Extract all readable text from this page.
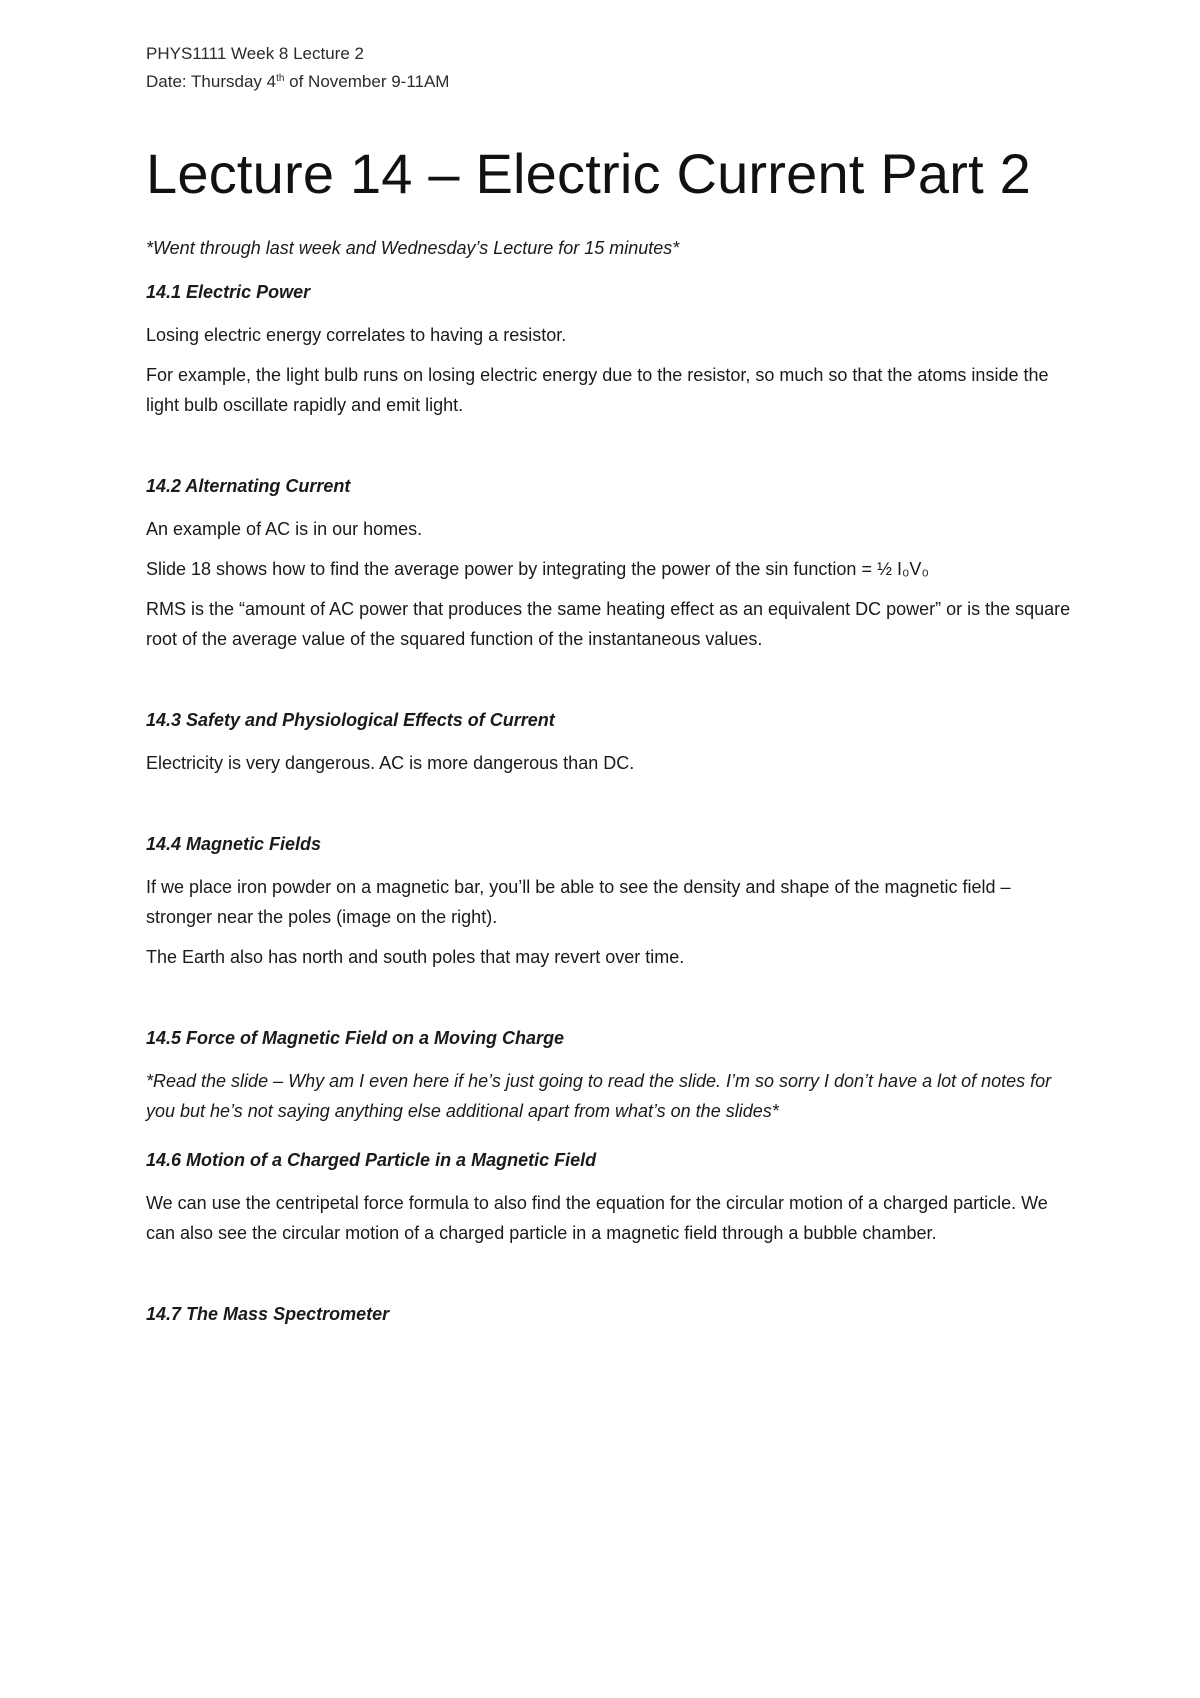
PHYS1111 Week 8 Lecture 2

Date: Thursday 4th of November 9-11AM

Lecture 14 – Electric Current Part 2

*Went through last week and Wednesday’s Lecture for 15 minutes*

14.1 Electric Power

Losing electric energy correlates to having a resistor.

For example, the light bulb runs on losing electric energy due to the resistor, so much so that the atoms inside the light bulb oscillate rapidly and emit light.

14.2 Alternating Current

An example of AC is in our homes.

Slide 18 shows how to find the average power by integrating the power of the sin function = ½ I₀V₀

RMS is the “amount of AC power that produces the same heating effect as an equivalent DC power” or is the square root of the average value of the squared function of the instantaneous values.

14.3 Safety and Physiological Effects of Current

Electricity is very dangerous. AC is more dangerous than DC.

14.4 Magnetic Fields

If we place iron powder on a magnetic bar, you’ll be able to see the density and shape of the magnetic field – stronger near the poles (image on the right).

The Earth also has north and south poles that may revert over time.

14.5 Force of Magnetic Field on a Moving Charge

*Read the slide – Why am I even here if he’s just going to read the slide. I’m so sorry I don’t have a lot of notes for you but he’s not saying anything else additional apart from what’s on the slides*

14.6 Motion of a Charged Particle in a Magnetic Field

We can use the centripetal force formula to also find the equation for the circular motion of a charged particle. We can also see the circular motion of a charged particle in a magnetic field through a bubble chamber.

14.7 The Mass Spectrometer
